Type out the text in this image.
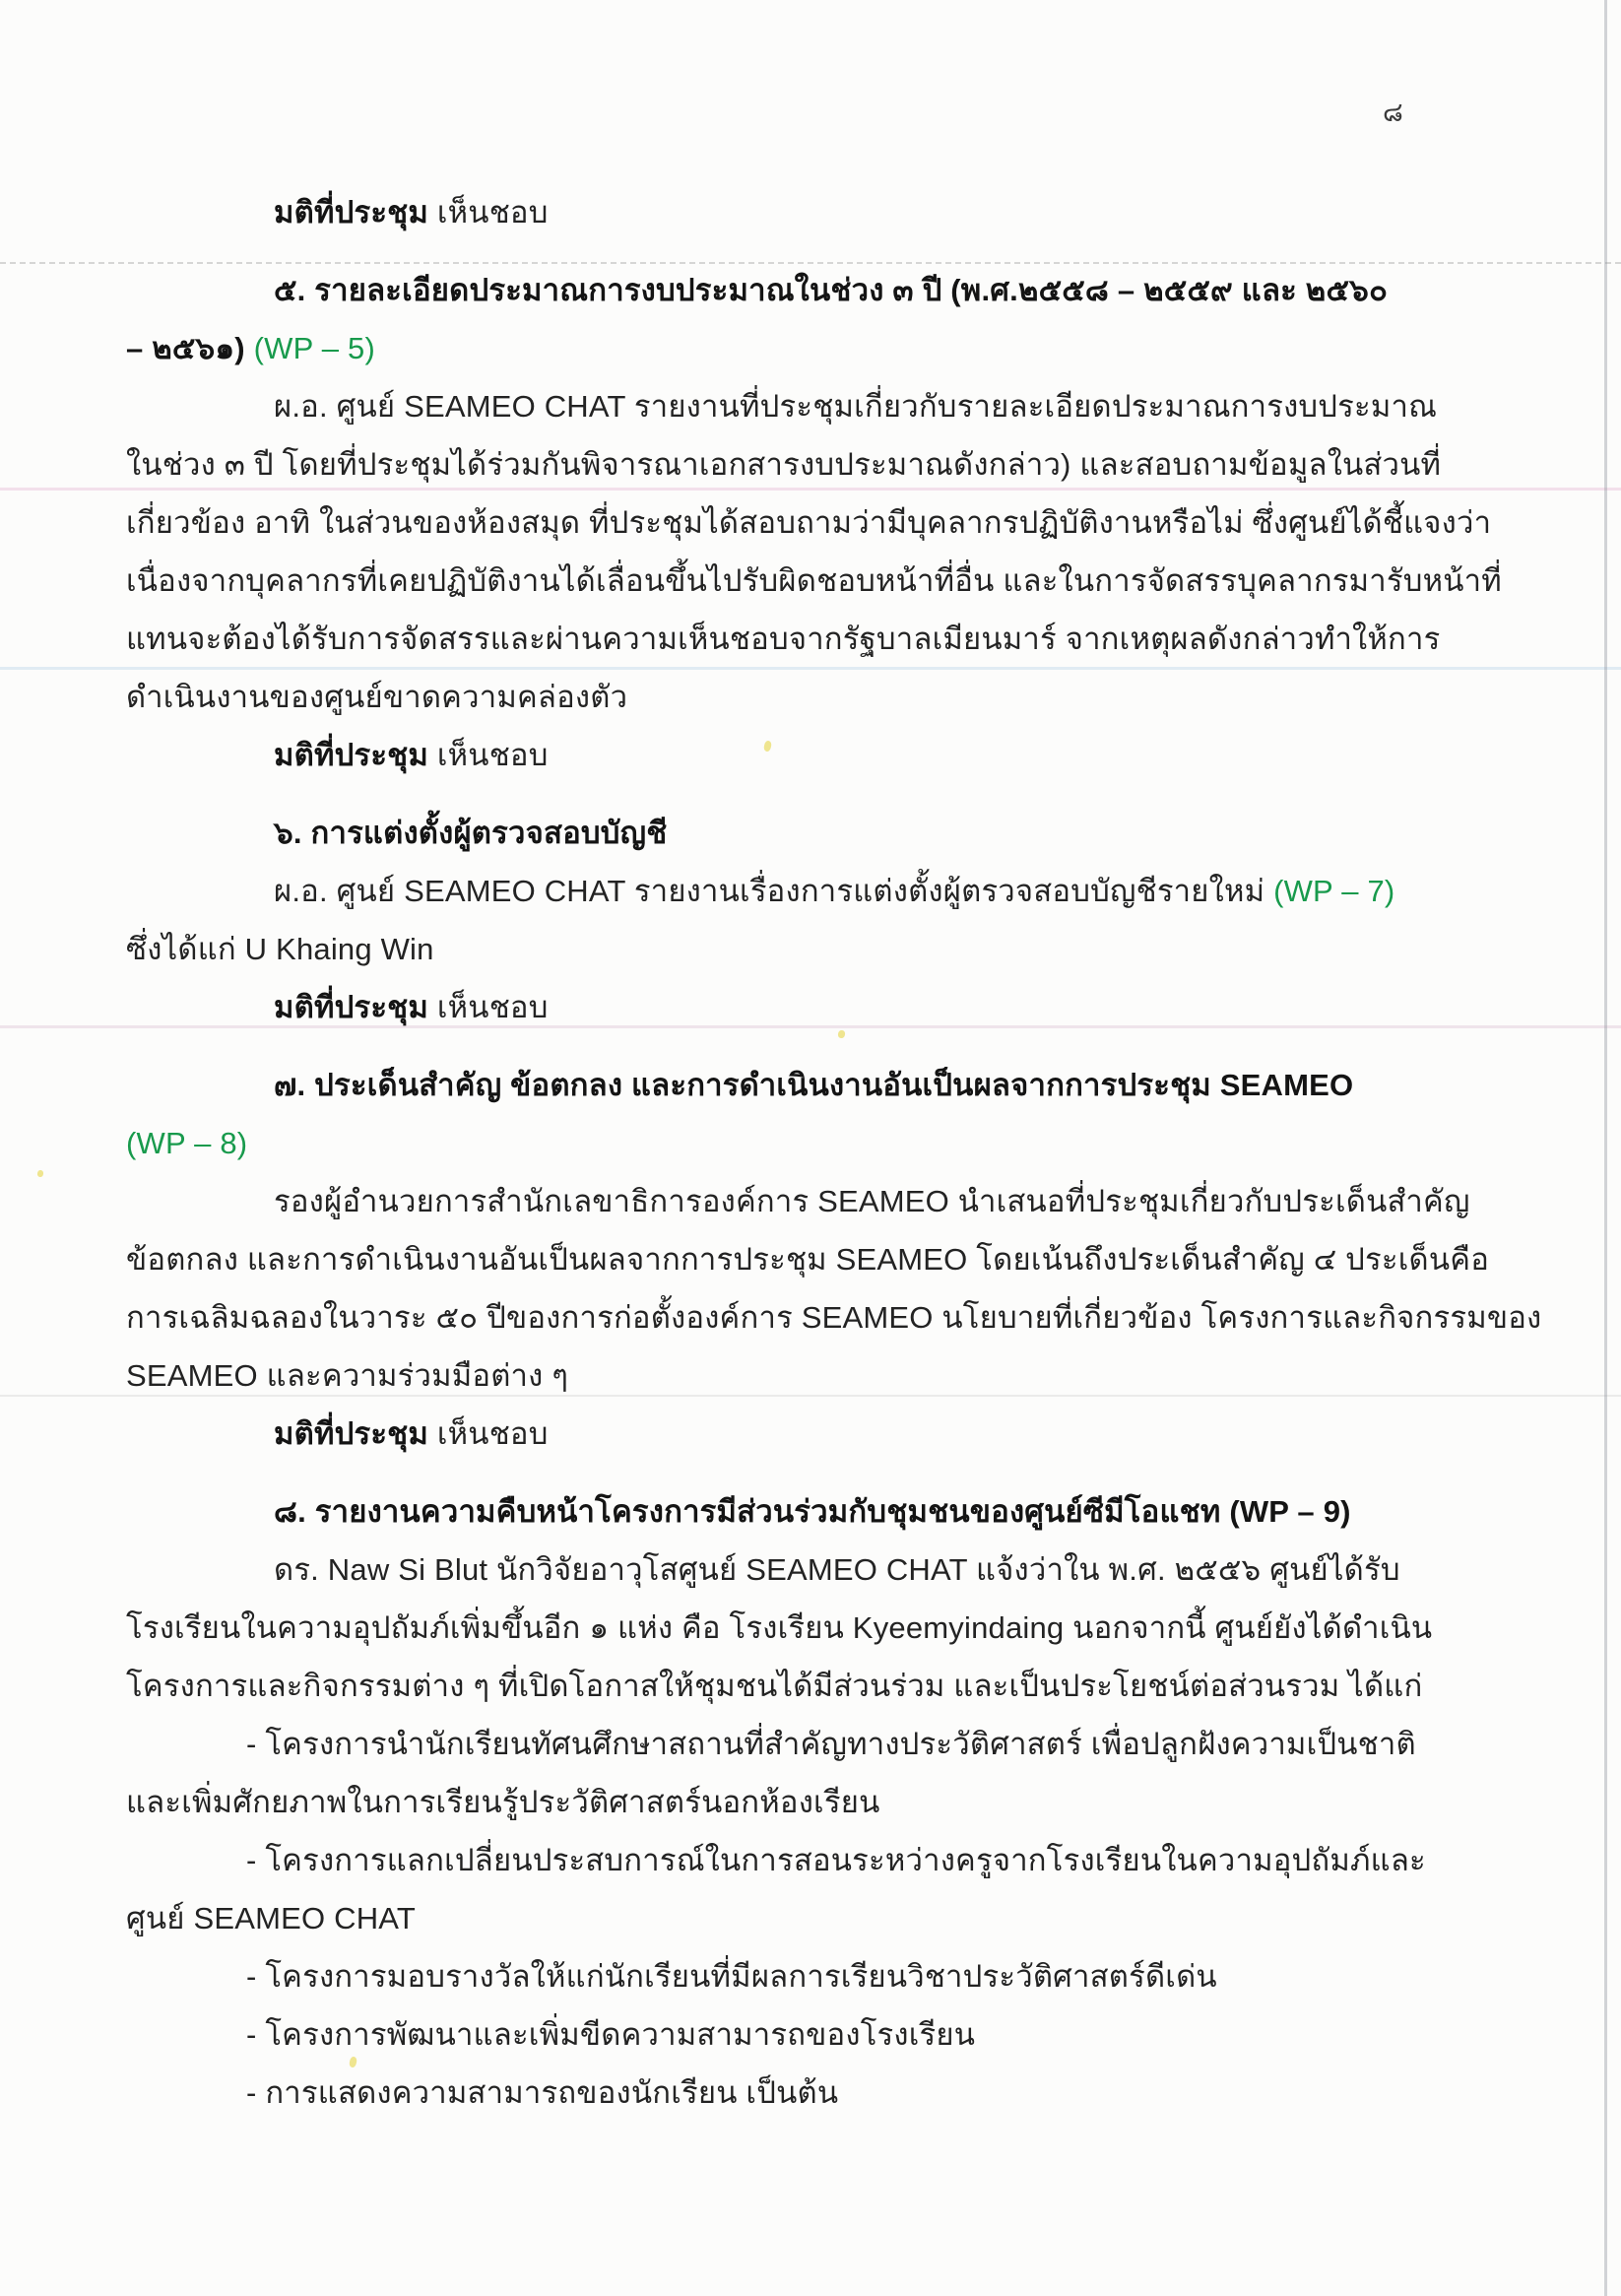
๘
มติที่ประชุม เห็นชอบ
๕. รายละเอียดประมาณการงบประมาณในช่วง ๓ ปี (พ.ศ.๒๕๕๘ – ๒๕๕๙ และ ๒๕๖๐
– ๒๕๖๑) (WP – 5)
ผ.อ. ศูนย์ SEAMEO CHAT รายงานที่ประชุมเกี่ยวกับรายละเอียดประมาณการงบประมาณ
ในช่วง ๓ ปี โดยที่ประชุมได้ร่วมกันพิจารณาเอกสารงบประมาณดังกล่าว) และสอบถามข้อมูลในส่วนที่
เกี่ยวข้อง อาทิ ในส่วนของห้องสมุด ที่ประชุมได้สอบถามว่ามีบุคลากรปฏิบัติงานหรือไม่ ซึ่งศูนย์ได้ชี้แจงว่า
เนื่องจากบุคลากรที่เคยปฏิบัติงานได้เลื่อนขึ้นไปรับผิดชอบหน้าที่อื่น และในการจัดสรรบุคลากรมารับหน้าที่
แทนจะต้องได้รับการจัดสรรและผ่านความเห็นชอบจากรัฐบาลเมียนมาร์ จากเหตุผลดังกล่าวทำให้การ
ดำเนินงานของศูนย์ขาดความคล่องตัว
มติที่ประชุม เห็นชอบ
๖. การแต่งตั้งผู้ตรวจสอบบัญชี
ผ.อ. ศูนย์ SEAMEO CHAT รายงานเรื่องการแต่งตั้งผู้ตรวจสอบบัญชีรายใหม่ (WP – 7)
ซึ่งได้แก่ U Khaing Win
มติที่ประชุม เห็นชอบ
๗. ประเด็นสำคัญ ข้อตกลง และการดำเนินงานอันเป็นผลจากการประชุม SEAMEO
(WP – 8)
รองผู้อำนวยการสำนักเลขาธิการองค์การ SEAMEO นำเสนอที่ประชุมเกี่ยวกับประเด็นสำคัญ
ข้อตกลง และการดำเนินงานอันเป็นผลจากการประชุม SEAMEO โดยเน้นถึงประเด็นสำคัญ ๔ ประเด็นคือ
การเฉลิมฉลองในวาระ ๕๐ ปีของการก่อตั้งองค์การ SEAMEO นโยบายที่เกี่ยวข้อง โครงการและกิจกรรมของ
SEAMEO และความร่วมมือต่าง ๆ
มติที่ประชุม เห็นชอบ
๘. รายงานความคืบหน้าโครงการมีส่วนร่วมกับชุมชนของศูนย์ซีมีโอแชท (WP – 9)
ดร. Naw Si Blut นักวิจัยอาวุโสศูนย์ SEAMEO CHAT แจ้งว่าใน พ.ศ. ๒๕๕๖ ศูนย์ได้รับ
โรงเรียนในความอุปถัมภ์เพิ่มขึ้นอีก ๑ แห่ง คือ โรงเรียน Kyeemyindaing นอกจากนี้ ศูนย์ยังได้ดำเนิน
โครงการและกิจกรรมต่าง ๆ ที่เปิดโอกาสให้ชุมชนได้มีส่วนร่วม และเป็นประโยชน์ต่อส่วนรวม ได้แก่
- โครงการนำนักเรียนทัศนศึกษาสถานที่สำคัญทางประวัติศาสตร์ เพื่อปลูกฝังความเป็นชาติ
และเพิ่มศักยภาพในการเรียนรู้ประวัติศาสตร์นอกห้องเรียน
- โครงการแลกเปลี่ยนประสบการณ์ในการสอนระหว่างครูจากโรงเรียนในความอุปถัมภ์และ
ศูนย์ SEAMEO CHAT
- โครงการมอบรางวัลให้แก่นักเรียนที่มีผลการเรียนวิชาประวัติศาสตร์ดีเด่น
- โครงการพัฒนาและเพิ่มขีดความสามารถของโรงเรียน
- การแสดงความสามารถของนักเรียน เป็นต้น
